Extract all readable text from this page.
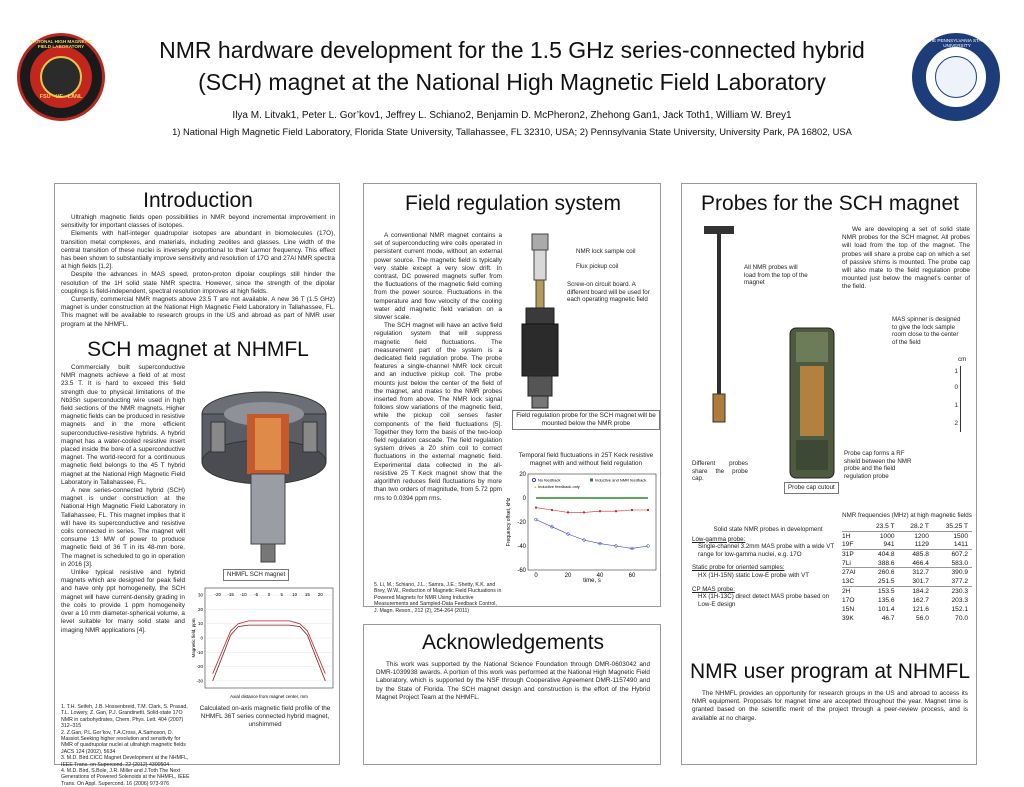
NATIONAL HIGH MAGNETIC FIELD LABORATORY
FSU · UF · LANL
THE PENNSYLVANIA STATE UNIVERSITY
1855
NMR hardware development for the 1.5 GHz series-connected hybrid
(SCH) magnet at the National High Magnetic Field Laboratory
Ilya M. Litvak1, Peter L. Gor’kov1, Jeffrey L. Schiano2, Benjamin D. McPheron2, Zhehong Gan1, Jack Toth1, William W. Brey1
1) National High Magnetic Field Laboratory, Florida State University, Tallahassee, FL 32310, USA; 2) Pennsylvania State University, University Park, PA 16802, USA
Introduction

Ultrahigh magnetic fields open possibilities in NMR beyond incremental improvement in sensitivity for important classes of isotopes.

Elements with half-integer quadrupolar isotopes are abundant in biomolecules (17O), transition metal complexes, and materials, including zeolites and glasses. Line width of the central transition of these nuclei is inversely proportional to their Larmor frequency. This effect has been shown to substantially improve sensitivity and resolution of 17O and 27Al NMR spectra at high fields [1,2].

Despite the advances in MAS speed, proton-proton dipolar couplings still hinder the resolution of the 1H solid state NMR spectra. However, since the strength of the dipolar couplings is field-independent, spectral resolution improves at high fields.

Currently, commercial NMR magnets above 23.5 T are not available. A new 36 T (1.5 GHz) magnet is under construction at the National High Magnetic Field Laboratory in Tallahassee, FL. This magnet will be available to research groups in the US and abroad as part of NMR user program at the NHMFL.

SCH magnet at NHMFL

Commercially built superconductive NMR magnets achieve a field of at most 23.5 T. It is hard to exceed this field strength due to physical limitations of the Nb3Sn superconducting wire used in high field sections of the NMR magnets. Higher magnetic fields can be produced in resistive magnets and in the more efficient superconductive-resistive hybrids. A hybrid magnet has a water-cooled resistive insert placed inside the bore of a superconductive magnet. The world-record for a continuous magnetic field belongs to the 45 T hybrid magnet at the National High Magnetic Field Laboratory in Tallahassee, FL.

A new series-connected hybrid (SCH) magnet is under construction at the National High Magnetic Field Laboratory in Tallahassee, FL. This magnet implies that it will have its superconductive and resistive coils connected in series. The magnet will consume 13 MW of power to produce magnetic field of 36 T in its 48-mm bore. The magnet is scheduled to go in operation in 2016 [3].

Unlike typical resistive and hybrid magnets which are designed for peak field and have only ppt homogeneity, the SCH magnet will have current-density grading in the coils to provide 1 ppm homogeneity over a 10 mm diameter-spherical volume, a level suitable for many solid state and imaging NMR applications [4].

NHMFL SCH magnet
30
20
10
0
-10
-20
-30
-20 -15 -10 -5 0 5 10 15 20
Axial distance from magnet center, mm
Magnetic field, ppm
Calculated on-axis magnetic field profile of the NHMFL 36T series connected hybrid magnet, unshimmed

1. T.H. Seifeh, J.B. Hossenbreid, T.M. Clark, S. Prasad, T.L. Lowery, Z. Gan, P.J. Grandinetti. Solid-state 17O NMR in carbohydrates, Chem. Phys. Lett. 404 (2007) 312–315

2. Z.Gan, P.L.Gor’kov, T.A.Cross, A.Samoson, D. Massiot.Seeking higher resolution and sensitivity for NMR of quadrupolar nuclei at ultrahigh magnetic fields JACS 124 (2002), 5634

3. M.D. Bird.CICC Magnet Development at the NHMFL, IEEE Trans. on Supercond. 22 (2012) 4300504

4. M.D. Bird, S.Bole, J.R. Miller and J.Toth The Next Generations of Powered Solenoids at the NHMFL, IEEE Trans. On Appl. Supercond. 16 (2006) 973-976

Field regulation system

A conventional NMR magnet contains a set of superconducting wire coils operated in persistent current mode, without an external power source. The magnetic field is typically very stable except a very slow drift. In contrast, DC powered magnets suffer from the fluctuations of the magnetic field coming from the power source. Fluctuations in the temperature and flow velocity of the cooling water add magnetic field variation on a slower scale.

The SCH magnet will have an active field regulation system that will suppress magnetic field fluctuations. The measurement part of the system is a dedicated field regulation probe. The probe features a single-channel NMR lock circuit and an inductive pickup coil. The probe mounts just below the center of the field of the magnet, and mates to the NMR probes inserted from above. The NMR lock signal follows slow variations of the magnetic field, while the pickup coil senses faster components of the field fluctuations [5]. Together they form the basis of the two-loop field regulation cascade. The field regulation system drives a Z0 shim coil to correct fluctuations in the external magnetic field. Experimental data collected in the all-resistive 25 T Keck magnet show that the algorithm reduces field fluctuations by more than two orders of magnitude, from 5.72 ppm rms to 0.0394 ppm rms.

NMR lock sample coil
Flux pickup coil
Screw-on circuit board. A different board will be used for each operating magnetic field
Field regulation probe for the SCH magnet will be mounted below the NMR probe
Temporal field fluctuations in 25T Keck resistive magnet with and without field regulation
20
0
-20
-40
-60
0	20	40	60
No feedback	Inductive and NMR feedback
+ Inductive feedback only
time, s
Frequency offset, kHz
5. Li, M.; Schiano, J.L.; Samra, J.E.; Shetty, K.K. and Brey, W.W., Reduction of Magnetic Field Fluctuations in Powered Magnets for NMR Using Inductive Measurements and Sampled-Data Feedback Control, J. Magn. Reson., 212 (2), 254-264 (2011)
Acknowledgements
This work was supported by the National Science Foundation through DMR-0603042 and DMR-1039938 awards. A portion of this work was performed at the National High Magnetic Field Laboratory, which is supported by the NSF through Cooperative Agreement DMR-1157490 and by the State of Florida. The SCH magnet design and construction is the effort of the Hybrid Magnet Project Team at the NHMFL.
Probes for the SCH magnet
All NMR probes will load from the top of the magnet
We are developing a set of solid state NMR probes for the SCH magnet. All probes will load from the top of the magnet. The probes will share a probe cap on which a set of passive shims is mounted. The probe cap will also mate to the field regulation probe mounted just below the magnet’s center of the field.
MAS spinner is designed to give the lock sample room close to the center of the field
cm
1
0
1
2
Different probes share the probe cap.
Probe cap forms a RF shield between the NMR probe and the field regulation probe
Probe cap cutout
Solid state NMR probes in development
Low-gamma probe:
Single-channel 3.2mm MAS probe with a wide VT range for low-gamma nuclei, e.g. 17O
Static probe for oriented samples:
HX (1H-15N) static Low-E probe with VT
CP MAS probe:
HX (1H-13C) direct detect MAS probe based on Low-E design
NMR frequencies (MHz) at high magnetic fields
	23.5 T	28.2 T	35.25 T
1H	1000	1200	1500
19F	941	1129	1411
31P	404.8	485.8	607.2
7Li	388.6	466.4	583.0
27Al	260.6	312.7	390.9
13C	251.5	301.7	377.2
2H	153.5	184.2	230.3
17O	135.6	162.7	203.3
15N	101.4	121.6	152.1
39K	46.7	56.0	70.0
NMR user program at NHMFL
The NHMFL provides an opportunity for research groups in the US and abroad to access its NMR equipment. Proposals for magnet time are accepted throughout the year. Magnet time is granted based on the scientific merit of the project through a peer-review process, and is available at no charge.
